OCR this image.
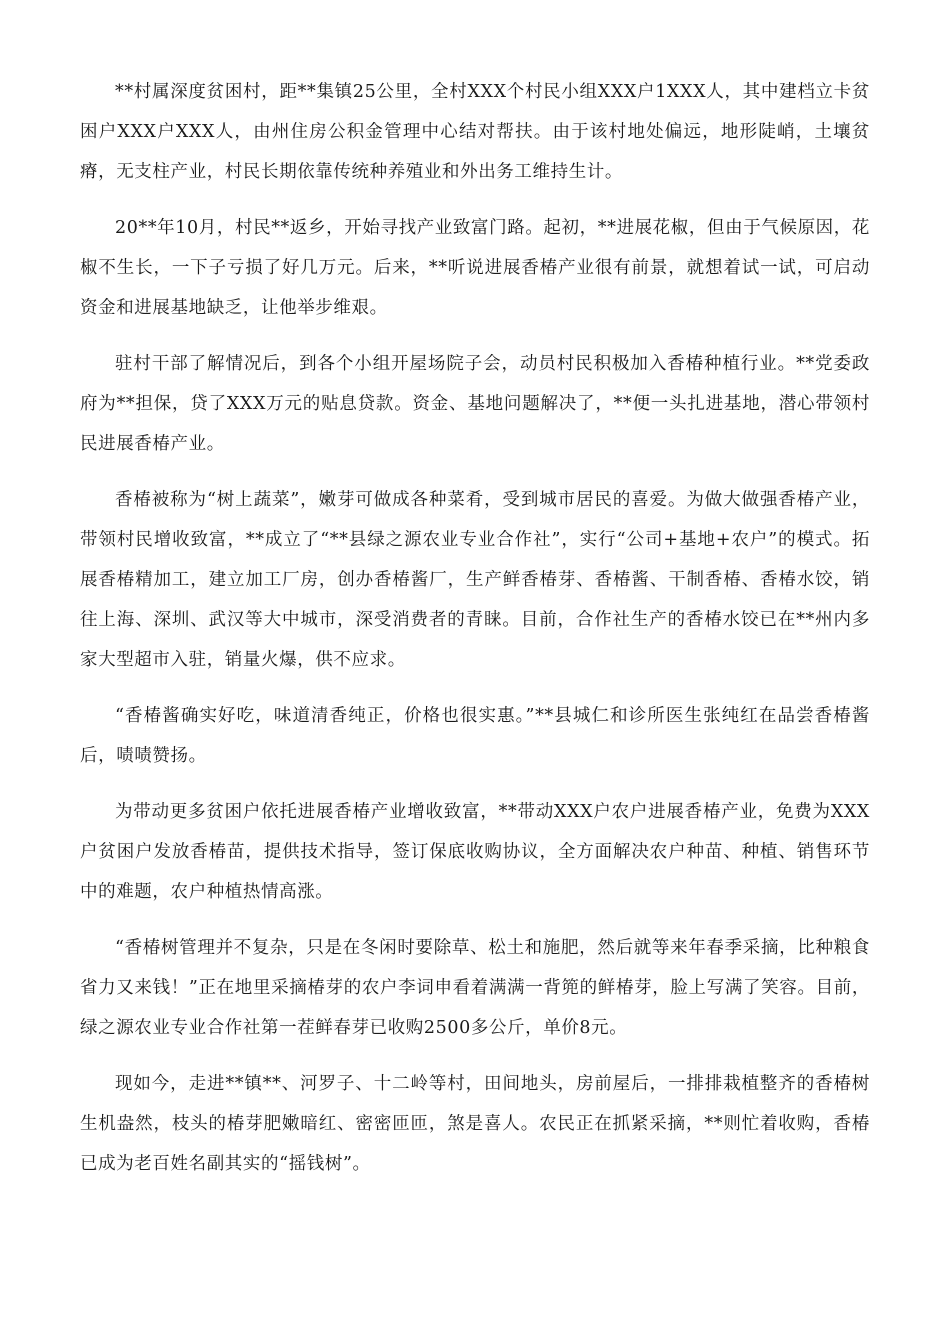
**村属深度贫困村，距**集镇25公里，全村XXX个村民小组XXX户1XXX人，其中建档立卡贫困户XXX户XXX人，由州住房公积金管理中心结对帮扶。由于该村地处偏远，地形陡峭，土壤贫瘠，无支柱产业，村民长期依靠传统种养殖业和外出务工维持生计。

20**年10月，村民**返乡，开始寻找产业致富门路。起初，**进展花椒，但由于气候原因，花椒不生长，一下子亏损了好几万元。后来，**听说进展香椿产业很有前景，就想着试一试，可启动资金和进展基地缺乏，让他举步维艰。

驻村干部了解情况后，到各个小组开屋场院子会，动员村民积极加入香椿种植行业。**党委政府为**担保，贷了XXX万元的贴息贷款。资金、基地问题解决了，**便一头扎进基地，潜心带领村民进展香椿产业。

香椿被称为“树上蔬菜”，嫩芽可做成各种菜肴，受到城市居民的喜爱。为做大做强香椿产业，带领村民增收致富，**成立了“**县绿之源农业专业合作社”，实行“公司+基地+农户”的模式。拓展香椿精加工，建立加工厂房，创办香椿酱厂，生产鲜香椿芽、香椿酱、干制香椿、香椿水饺，销往上海、深圳、武汉等大中城市，深受消费者的青睐。目前，合作社生产的香椿水饺已在**州内多家大型超市入驻，销量火爆，供不应求。

“香椿酱确实好吃，味道清香纯正，价格也很实惠。”**县城仁和诊所医生张纯红在品尝香椿酱后，啧啧赞扬。

为带动更多贫困户依托进展香椿产业增收致富，**带动XXX户农户进展香椿产业，免费为XXX户贫困户发放香椿苗，提供技术指导，签订保底收购协议，全方面解决农户种苗、种植、销售环节中的难题，农户种植热情高涨。

“香椿树管理并不复杂，只是在冬闲时要除草、松土和施肥，然后就等来年春季采摘，比种粮食省力又来钱！”正在地里采摘椿芽的农户李词申看着满满一背篼的鲜椿芽，脸上写满了笑容。目前，绿之源农业专业合作社第一茬鲜春芽已收购2500多公斤，单价8元。

现如今，走进**镇**、河罗子、十二岭等村，田间地头，房前屋后，一排排栽植整齐的香椿树生机盎然，枝头的椿芽肥嫩暗红、密密匝匝，煞是喜人。农民正在抓紧采摘，**则忙着收购，香椿已成为老百姓名副其实的“摇钱树”。
